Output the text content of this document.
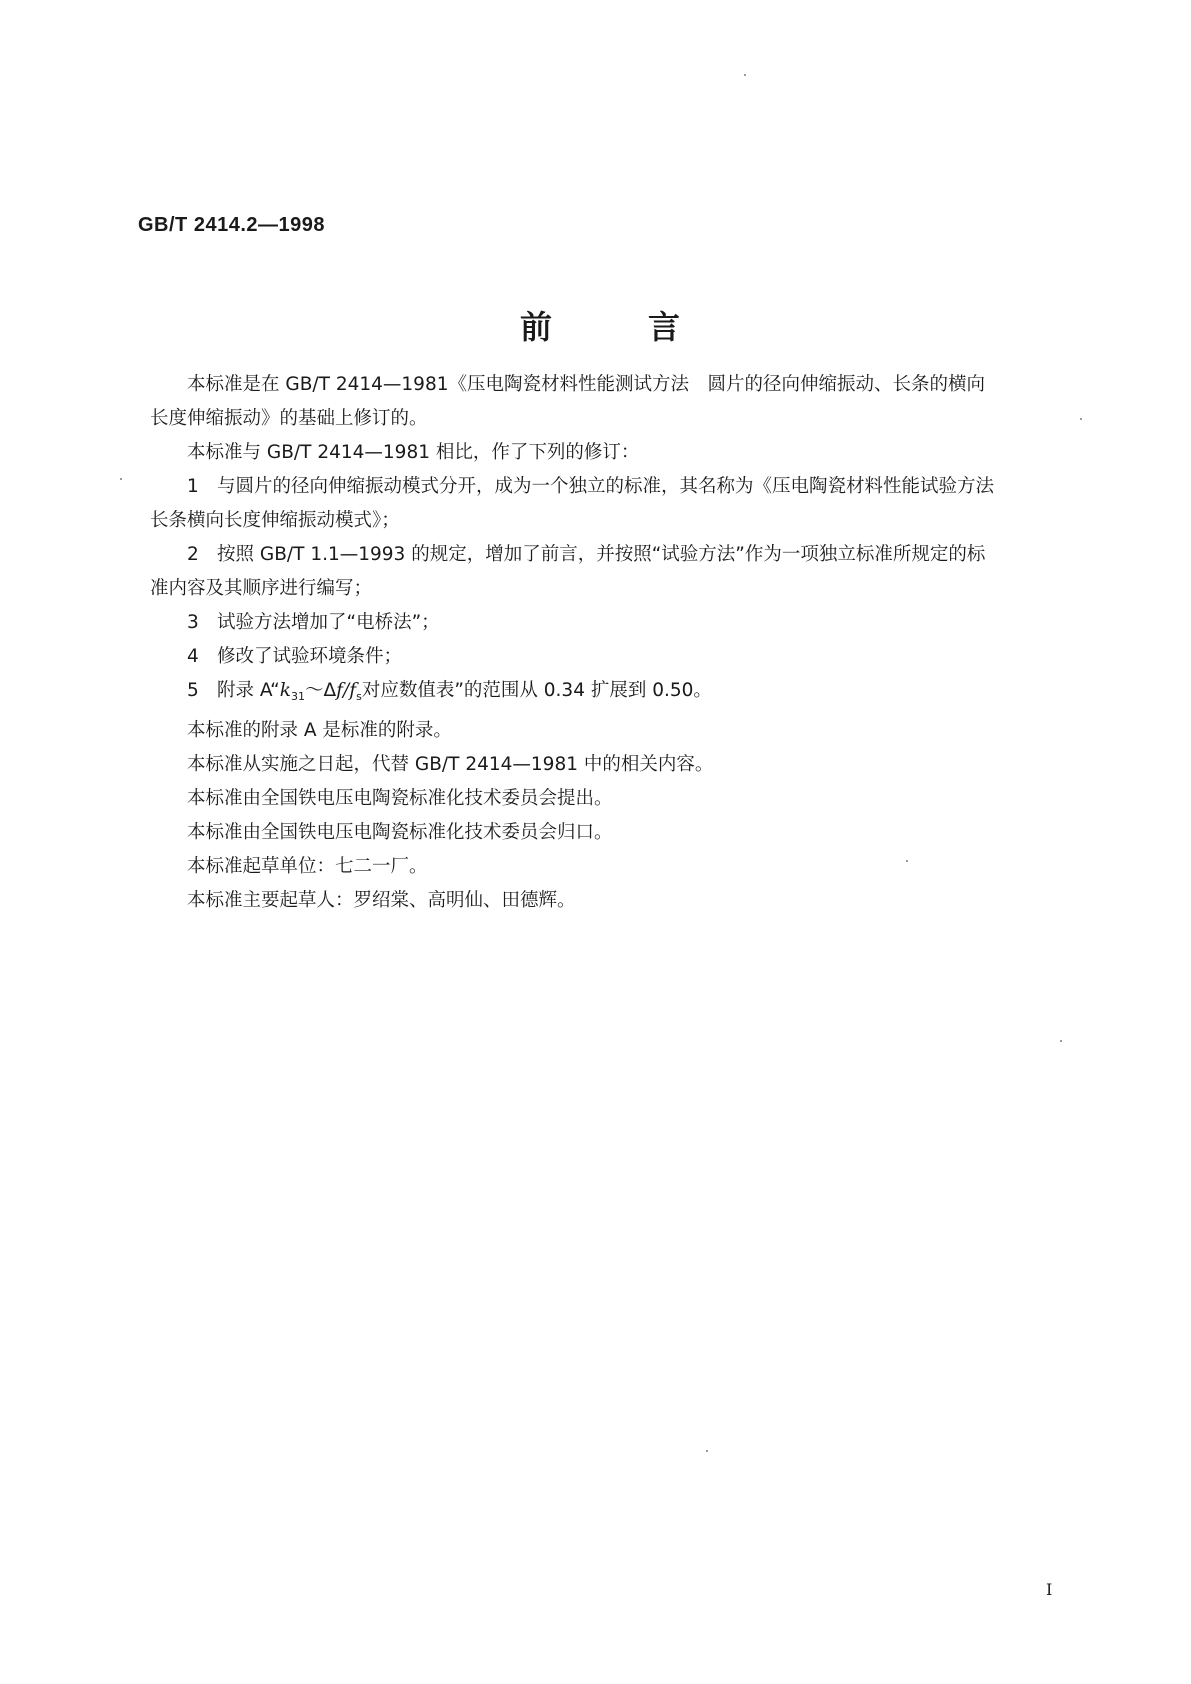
GB/T 2414.2—1998
前	言

本标准是在 GB/T 2414—1981《压电陶瓷材料性能测试方法　圆片的径向伸缩振动、长条的横向
长度伸缩振动》的基础上修订的。

本标准与 GB/T 2414—1981 相比，作了下列的修订：

1 与圆片的径向伸缩振动模式分开，成为一个独立的标准，其名称为《压电陶瓷材料性能试验方法
长条横向长度伸缩振动模式》；

2 按照 GB/T 1.1—1993 的规定，增加了前言，并按照“试验方法”作为一项独立标准所规定的标
准内容及其顺序进行编写；

3 试验方法增加了“电桥法”；

4 修改了试验环境条件；

5 附录 $A“k_{31}\sim\Delta f/f_s$对应数值表”的范围从 0.34 扩展到 0.50。

本标准的附录 A 是标准的附录。

本标准从实施之日起，代替 GB/T 2414—1981 中的相关内容。

本标准由全国铁电压电陶瓷标准化技术委员会提出。

本标准由全国铁电压电陶瓷标准化技术委员会归口。

本标准起草单位：七二一厂。

本标准主要起草人：罗绍棠、高明仙、田德辉。

I
